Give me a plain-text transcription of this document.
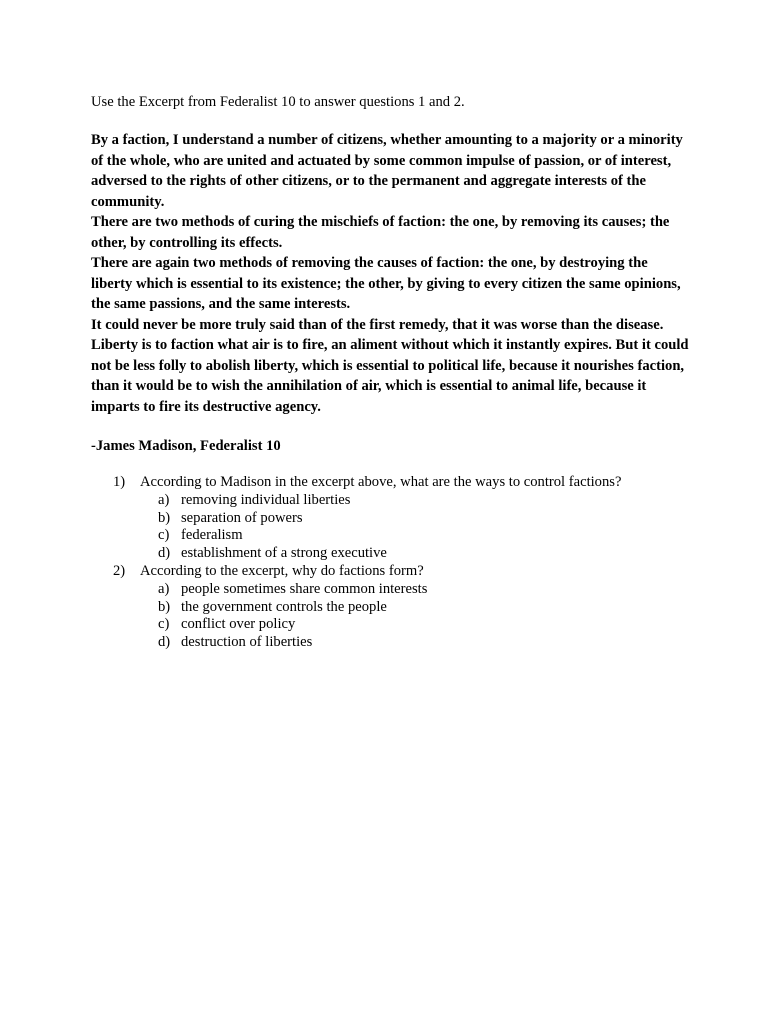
Use the Excerpt from Federalist 10 to answer questions 1 and 2.

By a faction, I understand a number of citizens, whether amounting to a majority or a minority of the whole, who are united and actuated by some common impulse of passion, or of interest, adversed to the rights of other citizens, or to the permanent and aggregate interests of the community.

There are two methods of curing the mischiefs of faction: the one, by removing its causes; the other, by controlling its effects.

There are again two methods of removing the causes of faction: the one, by destroying the liberty which is essential to its existence; the other, by giving to every citizen the same opinions, the same passions, and the same interests.

It could never be more truly said than of the first remedy, that it was worse than the disease. Liberty is to faction what air is to fire, an aliment without which it instantly expires. But it could not be less folly to abolish liberty, which is essential to political life, because it nourishes faction, than it would be to wish the annihilation of air, which is essential to animal life, because it imparts to fire its destructive agency.

-James Madison, Federalist 10
1) According to Madison in the excerpt above, what are the ways to control factions?
a) removing individual liberties
b) separation of powers
c) federalism
d) establishment of a strong executive
2) According to the excerpt, why do factions form?
a) people sometimes share common interests
b) the government controls the people
c) conflict over policy
d) destruction of liberties
